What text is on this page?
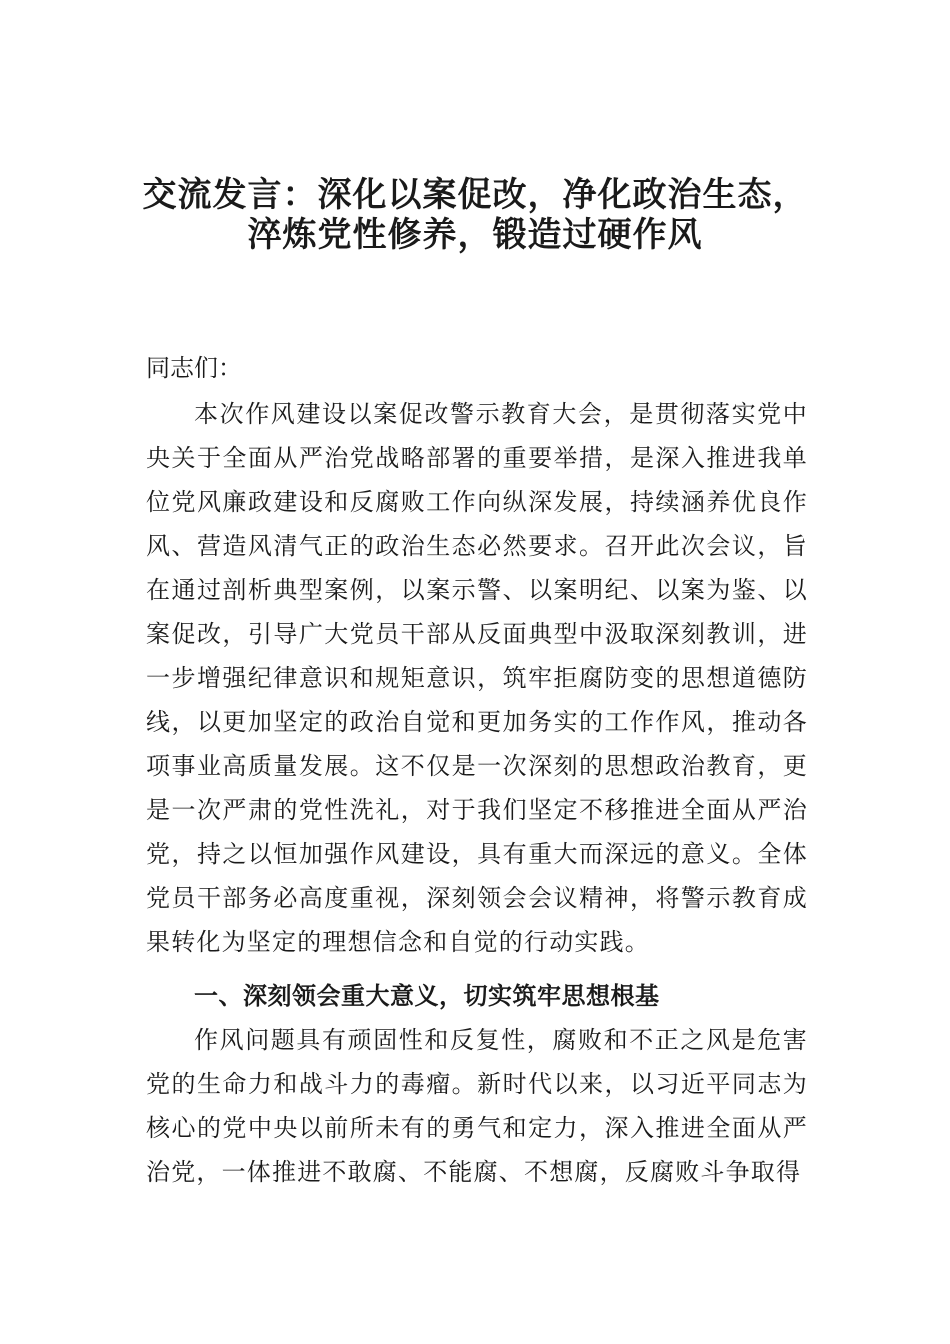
交流发言：深化以案促改，净化政治生态，
淬炼党性修养，锻造过硬作风
同志们：
本次作风建设以案促改警示教育大会，是贯彻落实党中央关于全面从严治党战略部署的重要举措，是深入推进我单位党风廉政建设和反腐败工作向纵深发展，持续涵养优良作风、营造风清气正的政治生态必然要求。召开此次会议，旨在通过剖析典型案例，以案示警、以案明纪、以案为鉴、以案促改，引导广大党员干部从反面典型中汲取深刻教训，进一步增强纪律意识和规矩意识，筑牢拒腐防变的思想道德防线，以更加坚定的政治自觉和更加务实的工作作风，推动各项事业高质量发展。这不仅是一次深刻的思想政治教育，更是一次严肃的党性洗礼，对于我们坚定不移推进全面从严治党，持之以恒加强作风建设，具有重大而深远的意义。全体党员干部务必高度重视，深刻领会会议精神，将警示教育成果转化为坚定的理想信念和自觉的行动实践。
一、深刻领会重大意义，切实筑牢思想根基
作风问题具有顽固性和反复性，腐败和不正之风是危害党的生命力和战斗力的毒瘤。新时代以来，以习近平同志为核心的党中央以前所未有的勇气和定力，深入推进全面从严治党，一体推进不敢腐、不能腐、不想腐，反腐败斗争取得
